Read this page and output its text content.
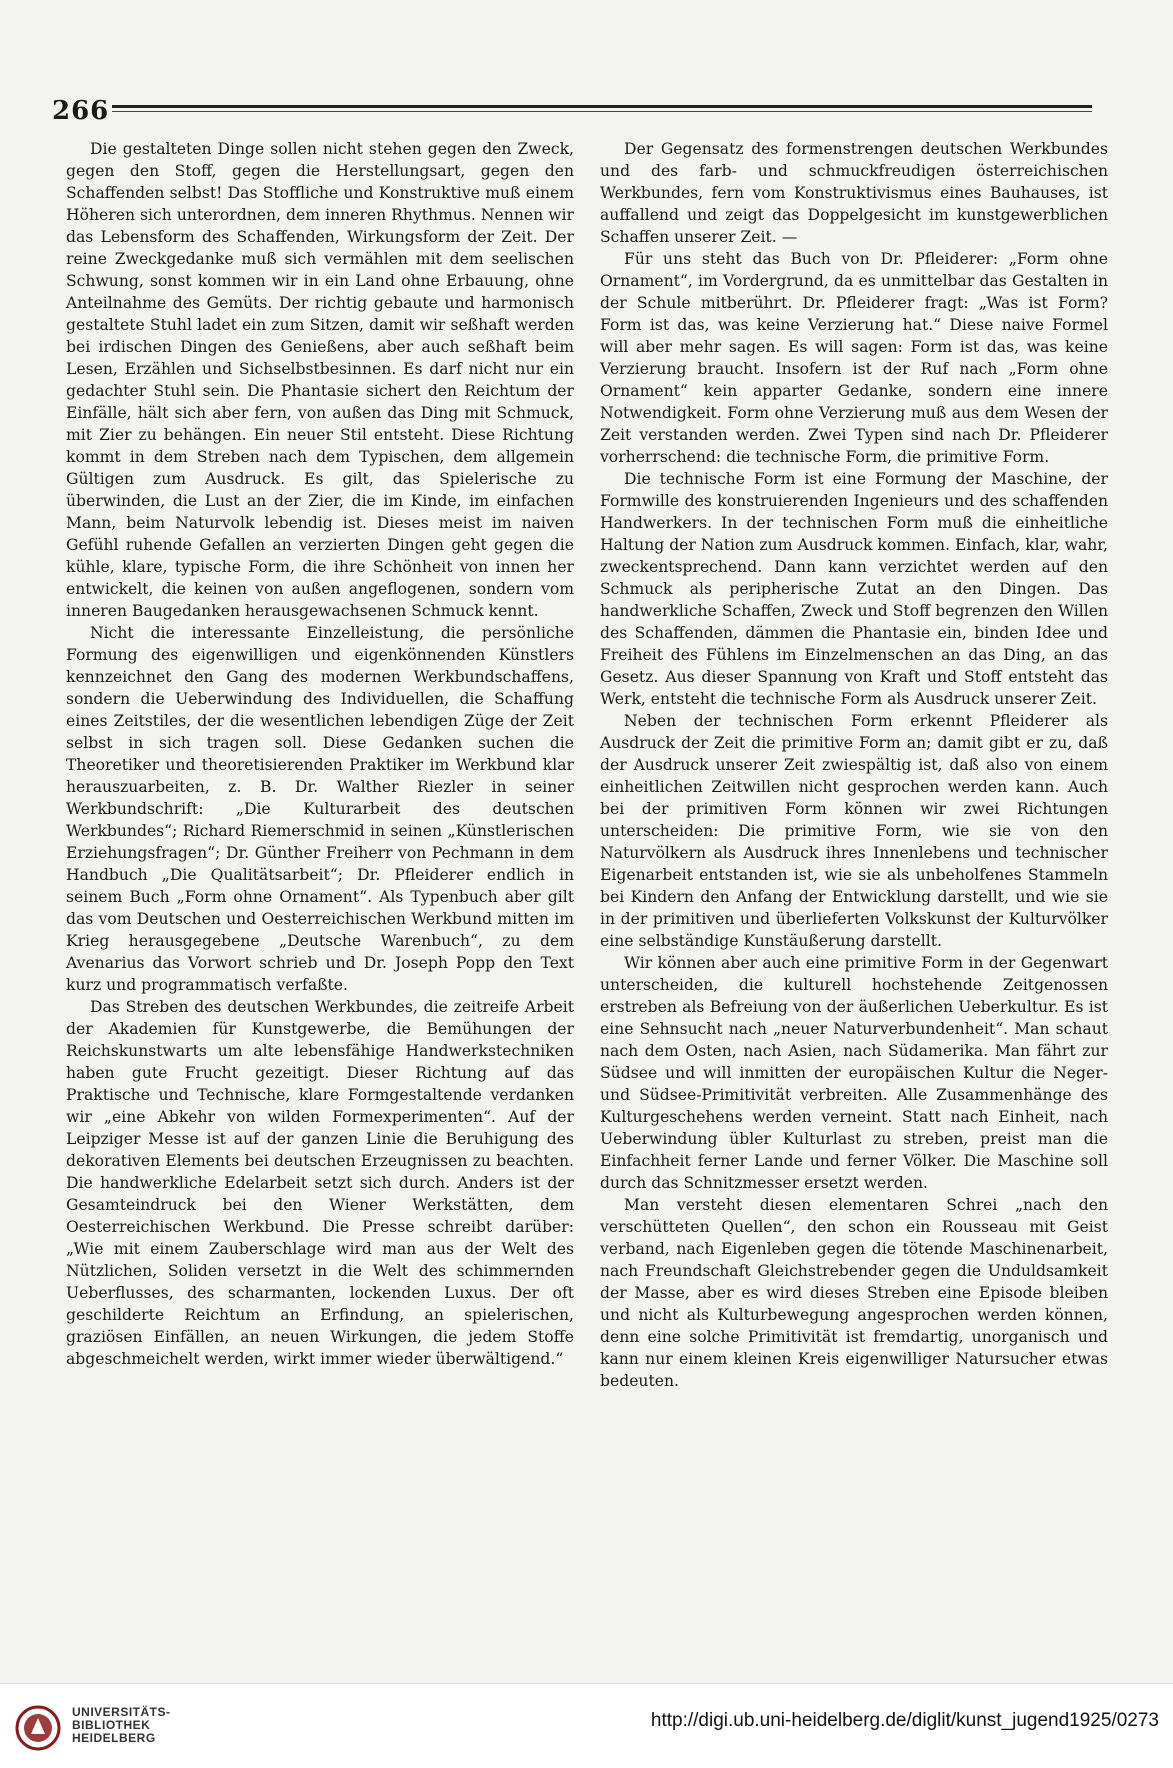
266

Die gestalteten Dinge sollen nicht stehen gegen den Zweck, gegen den Stoff, gegen die Herstellungsart, gegen den Schaffenden selbst! Das Stoffliche und Konstruktive muß einem Höheren sich unterordnen, dem inneren Rhythmus. Nennen wir das Lebensform des Schaffenden, Wirkungsform der Zeit. Der reine Zweckgedanke muß sich vermählen mit dem seelischen Schwung, sonst kommen wir in ein Land ohne Erbauung, ohne Anteilnahme des Gemüts. Der richtig gebaute und harmonisch gestaltete Stuhl ladet ein zum Sitzen, damit wir seßhaft werden bei irdischen Dingen des Genießens, aber auch seßhaft beim Lesen, Erzählen und Sichselbstbesinnen. Es darf nicht nur ein gedachter Stuhl sein. Die Phantasie sichert den Reichtum der Einfälle, hält sich aber fern, von außen das Ding mit Schmuck, mit Zier zu behängen. Ein neuer Stil entsteht. Diese Richtung kommt in dem Streben nach dem Typischen, dem allgemein Gültigen zum Ausdruck. Es gilt, das Spielerische zu überwinden, die Lust an der Zier, die im Kinde, im einfachen Mann, beim Naturvolk lebendig ist. Dieses meist im naiven Gefühl ruhende Gefallen an verzierten Dingen geht gegen die kühle, klare, typische Form, die ihre Schönheit von innen her entwickelt, die keinen von außen angeflogenen, sondern vom inneren Baugedanken herausgewachsenen Schmuck kennt.

Nicht die interessante Einzelleistung, die persönliche Formung des eigenwilligen und eigenkönnenden Künstlers kennzeichnet den Gang des modernen Werkbundschaffens, sondern die Ueberwindung des Individuellen, die Schaffung eines Zeitstiles, der die wesentlichen lebendigen Züge der Zeit selbst in sich tragen soll. Diese Gedanken suchen die Theoretiker und theoretisierenden Praktiker im Werkbund klar herauszuarbeiten, z. B. Dr. Walther Riezler in seiner Werkbundschrift: „Die Kulturarbeit des deutschen Werkbundes“; Richard Riemerschmid in seinen „Künstlerischen Erziehungsfragen“; Dr. Günther Freiherr von Pechmann in dem Handbuch „Die Qualitätsarbeit“; Dr. Pfleiderer endlich in seinem Buch „Form ohne Ornament“. Als Typenbuch aber gilt das vom Deutschen und Oesterreichischen Werkbund mitten im Krieg herausgegebene „Deutsche Warenbuch“, zu dem Avenarius das Vorwort schrieb und Dr. Joseph Popp den Text kurz und programmatisch verfaßte.

Das Streben des deutschen Werkbundes, die zeitreife Arbeit der Akademien für Kunstgewerbe, die Bemühungen der Reichskunstwarts um alte lebensfähige Handwerkstechniken haben gute Frucht gezeitigt. Dieser Richtung auf das Praktische und Technische, klare Formgestaltende verdanken wir „eine Abkehr von wilden Formexperimenten“. Auf der Leipziger Messe ist auf der ganzen Linie die Beruhigung des dekorativen Elements bei deutschen Erzeugnissen zu beachten. Die handwerkliche Edelarbeit setzt sich durch. Anders ist der Gesamteindruck bei den Wiener Werkstätten, dem Oesterreichischen Werkbund. Die Presse schreibt darüber: „Wie mit einem Zauberschlage wird man aus der Welt des Nützlichen, Soliden versetzt in die Welt des schimmernden Ueberflusses, des scharmanten, lockenden Luxus. Der oft geschilderte Reichtum an Erfindung, an spielerischen, graziösen Einfällen, an neuen Wirkungen, die jedem Stoffe abgeschmeichelt werden, wirkt immer wieder überwältigend.“

Der Gegensatz des formenstrengen deutschen Werkbundes und des farb- und schmuckfreudigen österreichischen Werkbundes, fern vom Konstruktivismus eines Bauhauses, ist auffallend und zeigt das Doppelgesicht im kunstgewerblichen Schaffen unserer Zeit. —

Für uns steht das Buch von Dr. Pfleiderer: „Form ohne Ornament“, im Vordergrund, da es unmittelbar das Gestalten in der Schule mitberührt. Dr. Pfleiderer fragt: „Was ist Form? Form ist das, was keine Verzierung hat.“ Diese naive Formel will aber mehr sagen. Es will sagen: Form ist das, was keine Verzierung braucht. Insofern ist der Ruf nach „Form ohne Ornament“ kein apparter Gedanke, sondern eine innere Notwendigkeit. Form ohne Verzierung muß aus dem Wesen der Zeit verstanden werden. Zwei Typen sind nach Dr. Pfleiderer vorherrschend: die technische Form, die primitive Form.

Die technische Form ist eine Formung der Maschine, der Formwille des konstruierenden Ingenieurs und des schaffenden Handwerkers. In der technischen Form muß die einheitliche Haltung der Nation zum Ausdruck kommen. Einfach, klar, wahr, zweckentsprechend. Dann kann verzichtet werden auf den Schmuck als peripherische Zutat an den Dingen. Das handwerkliche Schaffen, Zweck und Stoff begrenzen den Willen des Schaffenden, dämmen die Phantasie ein, binden Idee und Freiheit des Fühlens im Einzelmenschen an das Ding, an das Gesetz. Aus dieser Spannung von Kraft und Stoff entsteht das Werk, entsteht die technische Form als Ausdruck unserer Zeit.

Neben der technischen Form erkennt Pfleiderer als Ausdruck der Zeit die primitive Form an; damit gibt er zu, daß der Ausdruck unserer Zeit zwiespältig ist, daß also von einem einheitlichen Zeitwillen nicht gesprochen werden kann. Auch bei der primitiven Form können wir zwei Richtungen unterscheiden: Die primitive Form, wie sie von den Naturvölkern als Ausdruck ihres Innenlebens und technischer Eigenarbeit entstanden ist, wie sie als unbeholfenes Stammeln bei Kindern den Anfang der Entwicklung darstellt, und wie sie in der primitiven und überlieferten Volkskunst der Kulturvölker eine selbständige Kunstäußerung darstellt.

Wir können aber auch eine primitive Form in der Gegenwart unterscheiden, die kulturell hochstehende Zeitgenossen erstreben als Befreiung von der äußerlichen Ueberkultur. Es ist eine Sehnsucht nach „neuer Naturverbundenheit“. Man schaut nach dem Osten, nach Asien, nach Südamerika. Man fährt zur Südsee und will inmitten der europäischen Kultur die Neger- und Südsee-Primitivität verbreiten. Alle Zusammenhänge des Kulturgeschehens werden verneint. Statt nach Einheit, nach Ueberwindung übler Kulturlast zu streben, preist man die Einfachheit ferner Lande und ferner Völker. Die Maschine soll durch das Schnitzmesser ersetzt werden.

Man versteht diesen elementaren Schrei „nach den verschütteten Quellen“, den schon ein Rousseau mit Geist verband, nach Eigenleben gegen die tötende Maschinenarbeit, nach Freundschaft Gleichstrebender gegen die Unduldsamkeit der Masse, aber es wird dieses Streben eine Episode bleiben und nicht als Kulturbewegung angesprochen werden können, denn eine solche Primitivität ist fremdartig, unorganisch und kann nur einem kleinen Kreis eigenwilliger Natursucher etwas bedeuten.

UNIVERSITÄTS-
BIBLIOTHEK
HEIDELBERG
http://digi.ub.uni-heidelberg.de/diglit/kunst_jugend1925/0273
